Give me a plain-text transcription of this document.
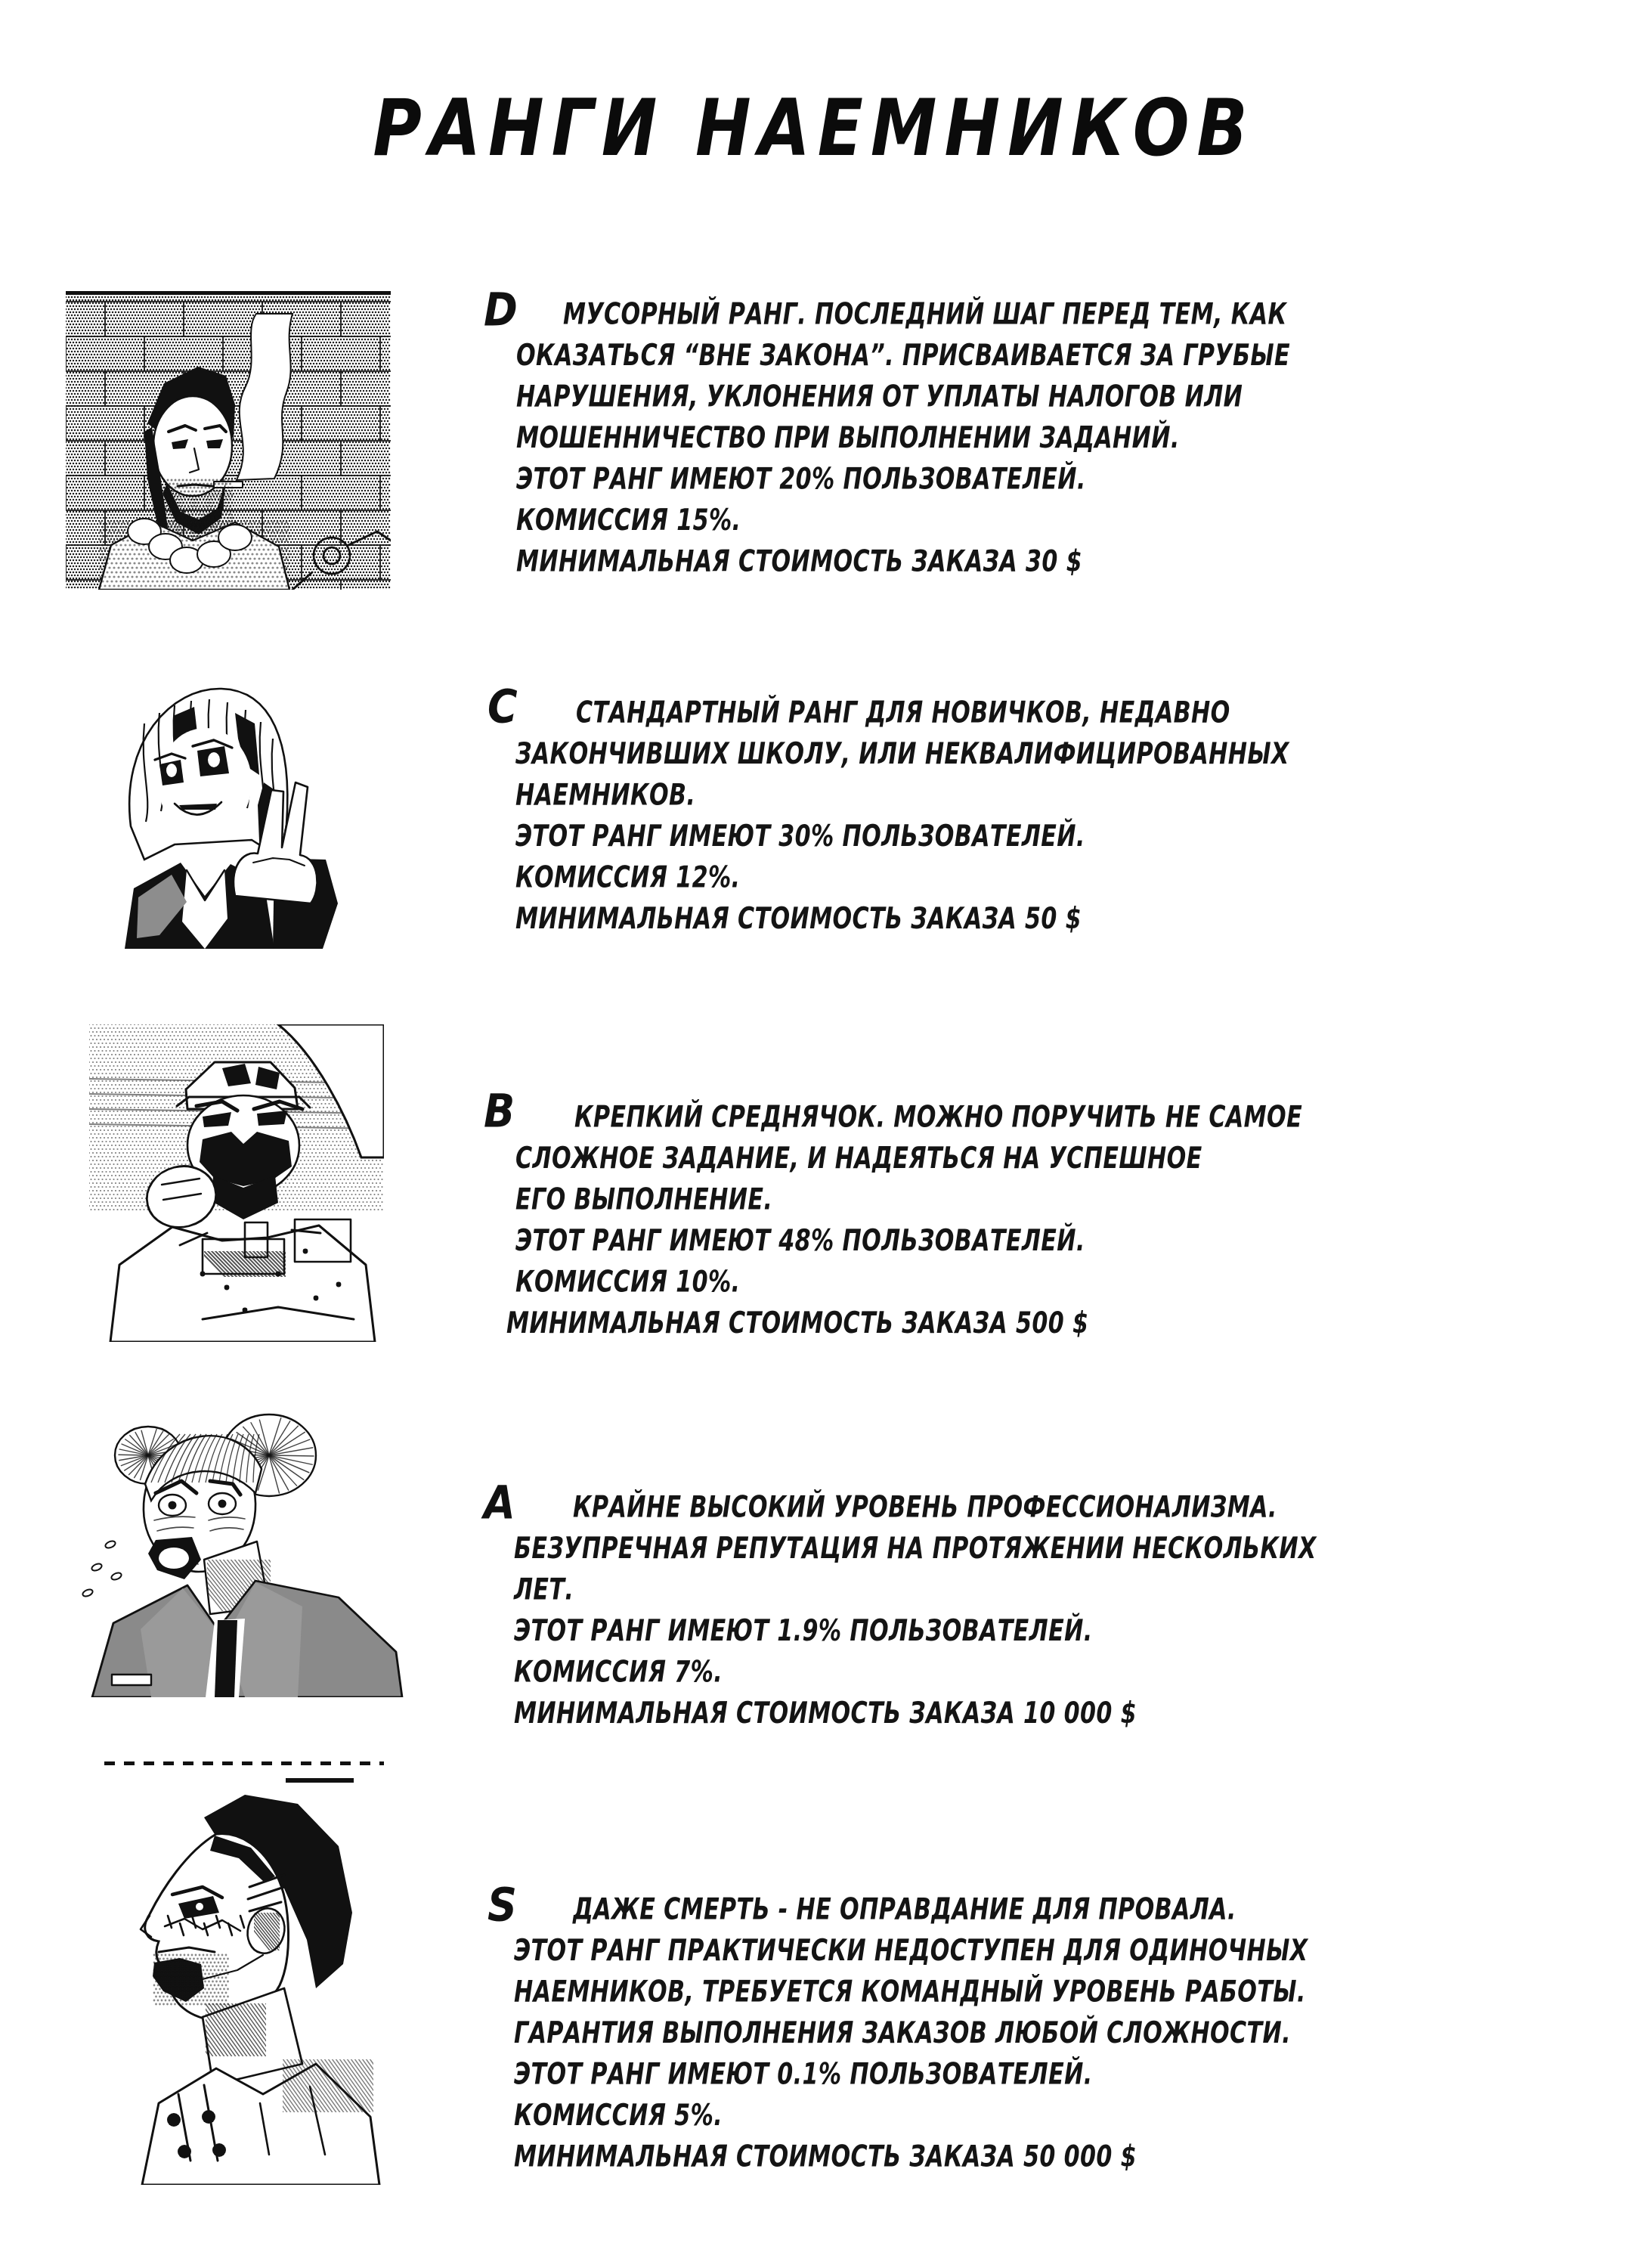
РАНГИ НАЕМНИКОВ
D МУСОРНЫЙ РАНГ. ПОСЛЕДНИЙ ШАГ ПЕРЕД ТЕМ, КАК
ОКАЗАТЬСЯ “ВНЕ ЗАКОНА”. ПРИСВАИВАЕТСЯ ЗА ГРУБЫЕ
НАРУШЕНИЯ, УКЛОНЕНИЯ ОТ УПЛАТЫ НАЛОГОВ ИЛИ
МОШЕННИЧЕСТВО ПРИ ВЫПОЛНЕНИИ ЗАДАНИЙ.
ЭТОТ РАНГ ИМЕЮТ 20% ПОЛЬЗОВАТЕЛЕЙ.
КОМИССИЯ 15%.
МИНИМАЛЬНАЯ СТОИМОСТЬ ЗАКАЗА 30 $
C СТАНДАРТНЫЙ РАНГ ДЛЯ НОВИЧКОВ, НЕДАВНО
ЗАКОНЧИВШИХ ШКОЛУ, ИЛИ НЕКВАЛИФИЦИРОВАННЫХ
НАЕМНИКОВ.
ЭТОТ РАНГ ИМЕЮТ 30% ПОЛЬЗОВАТЕЛЕЙ.
КОМИССИЯ 12%.
МИНИМАЛЬНАЯ СТОИМОСТЬ ЗАКАЗА 50 $
B КРЕПКИЙ СРЕДНЯЧОК. МОЖНО ПОРУЧИТЬ НЕ САМОЕ
СЛОЖНОЕ ЗАДАНИЕ, И НАДЕЯТЬСЯ НА УСПЕШНОЕ
ЕГО ВЫПОЛНЕНИЕ.
ЭТОТ РАНГ ИМЕЮТ 48% ПОЛЬЗОВАТЕЛЕЙ.
КОМИССИЯ 10%.
МИНИМАЛЬНАЯ СТОИМОСТЬ ЗАКАЗА 500 $
A КРАЙНЕ ВЫСОКИЙ УРОВЕНЬ ПРОФЕССИОНАЛИЗМА.
БЕЗУПРЕЧНАЯ РЕПУТАЦИЯ НА ПРОТЯЖЕНИИ НЕСКОЛЬКИХ
ЛЕТ.
ЭТОТ РАНГ ИМЕЮТ 1.9% ПОЛЬЗОВАТЕЛЕЙ.
КОМИССИЯ 7%.
МИНИМАЛЬНАЯ СТОИМОСТЬ ЗАКАЗА 10 000 $
S ДАЖЕ СМЕРТЬ - НЕ ОПРАВДАНИЕ ДЛЯ ПРОВАЛА.
ЭТОТ РАНГ ПРАКТИЧЕСКИ НЕДОСТУПЕН ДЛЯ ОДИНОЧНЫХ
НАЕМНИКОВ, ТРЕБУЕТСЯ КОМАНДНЫЙ УРОВЕНЬ РАБОТЫ.
ГАРАНТИЯ ВЫПОЛНЕНИЯ ЗАКАЗОВ ЛЮБОЙ СЛОЖНОСТИ.
ЭТОТ РАНГ ИМЕЮТ 0.1% ПОЛЬЗОВАТЕЛЕЙ.
КОМИССИЯ 5%.
МИНИМАЛЬНАЯ СТОИМОСТЬ ЗАКАЗА 50 000 $
